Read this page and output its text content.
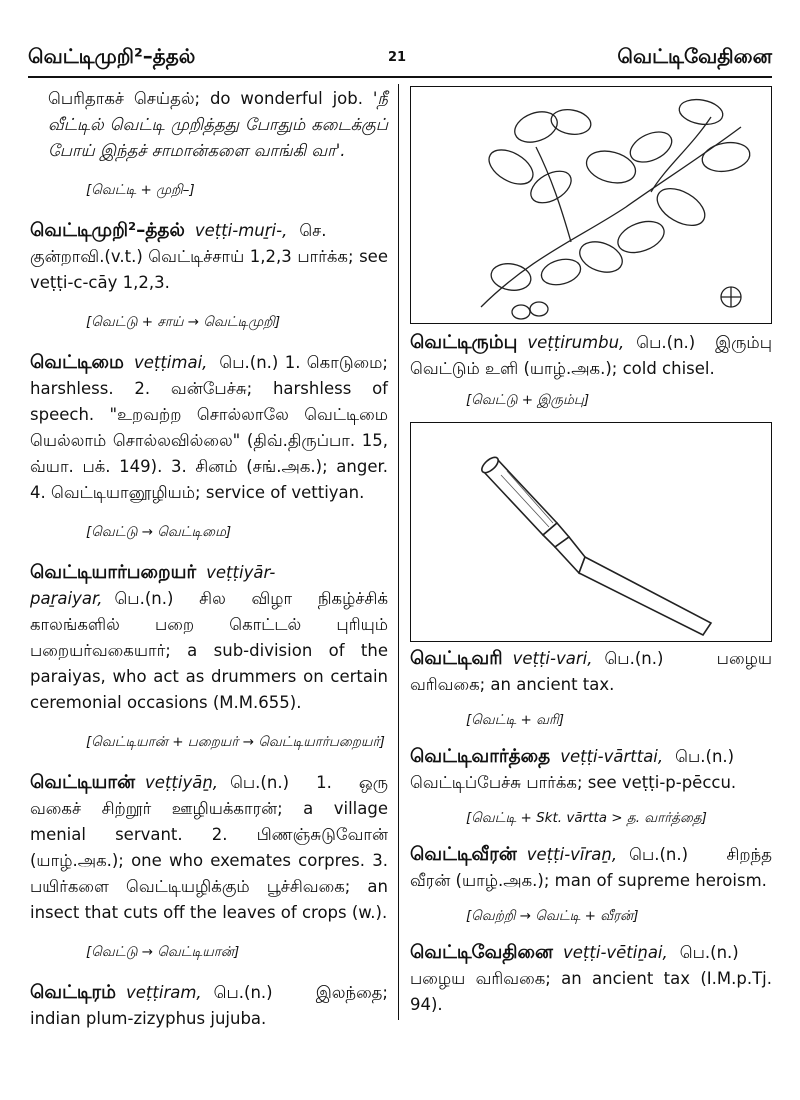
வெட்டிமுறி²–த்தல்	21	வெட்டிவேதினை

பெரிதாகச் செய்தல்; do wonderful job. 'நீ வீட்டில் வெட்டி முறித்தது போதும் கடைக்குப் போய் இந்தச் சாமான்களை வாங்கி வா'.

[வெட்டி + முறி–]

வெட்டிமுறி²–த்தல் veṭṭi-muṟi-, செ. குன்றாவி.(v.t.) வெட்டிச்சாய் 1,2,3 பார்க்க; see veṭṭi-c-cāy 1,2,3.

[வெட்டு + சாய் → வெட்டிமுறி]

வெட்டிமை veṭṭimai, பெ.(n.) 1. கொடுமை; harshless. 2. வன்பேச்சு; harshless of speech. "உறவற்ற சொல்லாலே வெட்டிமை யெல்லாம் சொல்லவில்லை" (திவ்.திருப்பா. 15, வ்யா. பக். 149). 3. சினம் (சங்.அக.); anger. 4. வெட்டியானூழியம்; service of vettiyan.

[வெட்டு → வெட்டிமை]

வெட்டியார்பறையர் veṭṭiyār-paṟaiyar, பெ.(n.) சில விழா நிகழ்ச்சிக் காலங்களில் பறை கொட்டல் புரியும் பறையர்வகையார்; a sub-division of the paraiyas, who act as drummers on certain ceremonial occasions (M.M.655).

[வெட்டியான் + பறையர் → வெட்டியார்பறையர்]

வெட்டியான் veṭṭiyāṉ, பெ.(n.) 1. ஒரு வகைச் சிற்றூர் ஊழியக்காரன்; a village menial servant. 2. பிணஞ்சுடுவோன் (யாழ்.அக.); one who exemates corpres. 3. பயிர்களை வெட்டியழிக்கும் பூச்சிவகை; an insect that cuts off the leaves of crops (w.).

[வெட்டு → வெட்டியான்]

வெட்டிரம் veṭṭiram, பெ.(n.) இலந்தை; indian plum-zizyphus jujuba.

வெட்டிரும்பு veṭṭirumbu, பெ.(n.) இரும்பு வெட்டும் உளி (யாழ்.அக.); cold chisel.

[வெட்டு + இரும்பு]

வெட்டிவரி veṭṭi-vari, பெ.(n.) பழைய வரிவகை; an ancient tax.

[வெட்டி + வரி]

வெட்டிவார்த்தை veṭṭi-vārttai, பெ.(n.) வெட்டிப்பேச்சு பார்க்க; see veṭṭi-p-pēccu.

[வெட்டி + Skt. vārtta > த. வார்த்தை]

வெட்டிவீரன் veṭṭi-vīraṉ, பெ.(n.) சிறந்த வீரன் (யாழ்.அக.); man of supreme heroism.

[வெற்றி → வெட்டி + வீரன்]

வெட்டிவேதினை veṭṭi-vētiṉai, பெ.(n.) பழைய வரிவகை; an ancient tax (I.M.p.Tj. 94).
